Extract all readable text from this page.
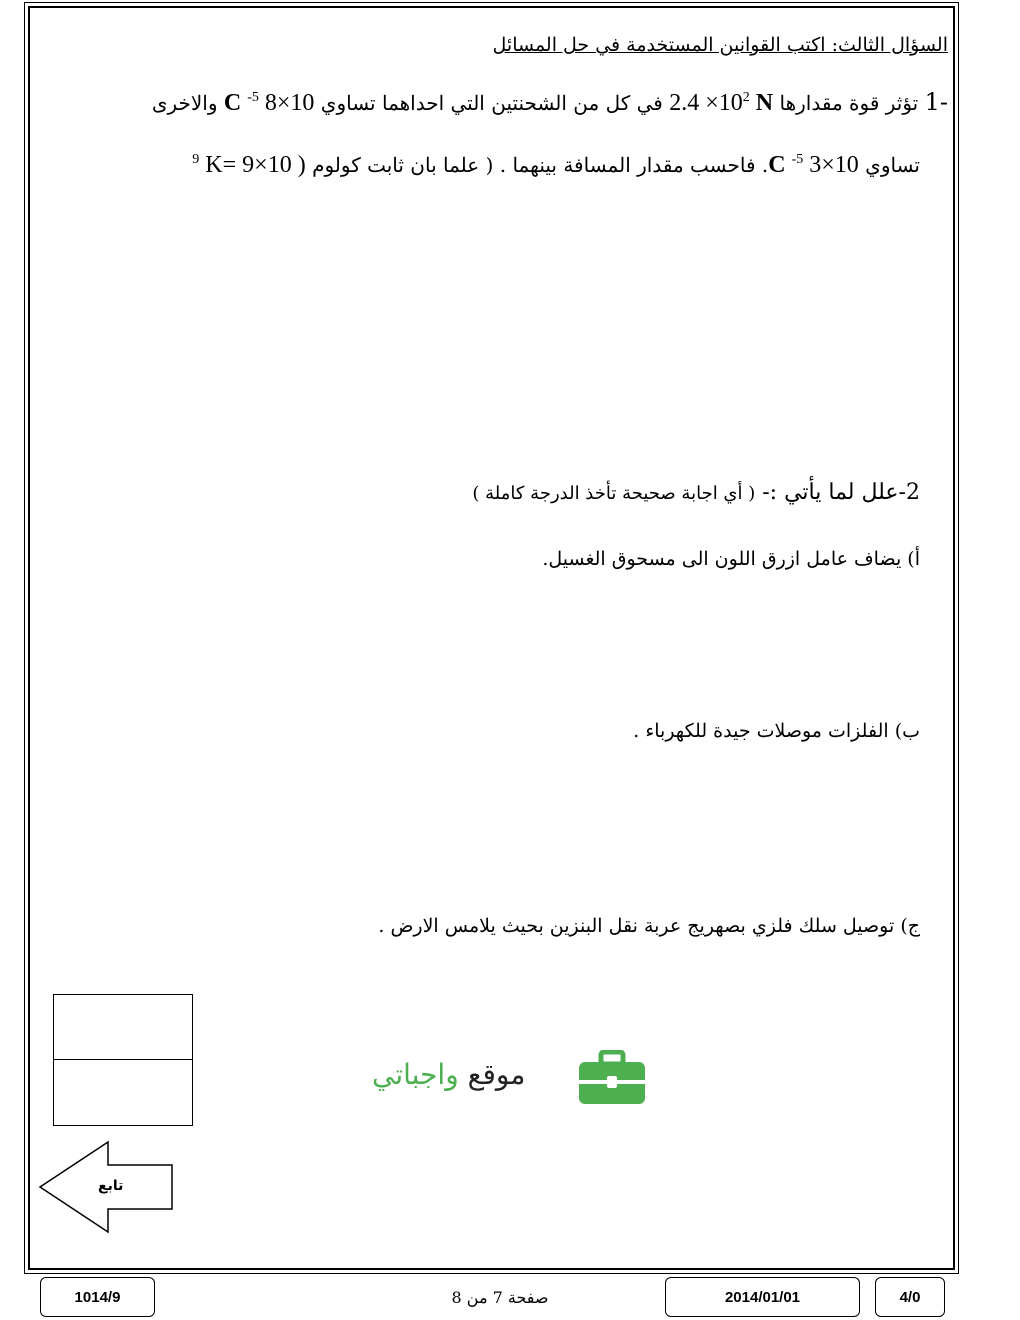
السؤال الثالث: اكتب القوانين المستخدمة في حل المسائل
-1 تؤثر قوة مقدارها $2.4 \times 10^2$ N في كل من الشحنتين التي احداهما تساوي C $^{-5}$ 8×10 والاخرى
تساوي C $^{-5}$ 3×10. فاحسب مقدار المسافة بينهما . ( علما بان ثابت كولوم $^9$ K= 9×10 )
2-علل لما يأتي :- ( أي اجابة صحيحة تأخذ الدرجة كاملة )
أ) يضاف عامل ازرق اللون الى مسحوق الغسيل.
ب) الفلزات موصلات جيدة للكهرباء .
ج) توصيل سلك فلزي بصهريج عربة نقل البنزين بحيث يلامس الارض .
تابع
موقع واجباتي
1014/9	صفحة 7 من 8	2014/01/01	4/0
